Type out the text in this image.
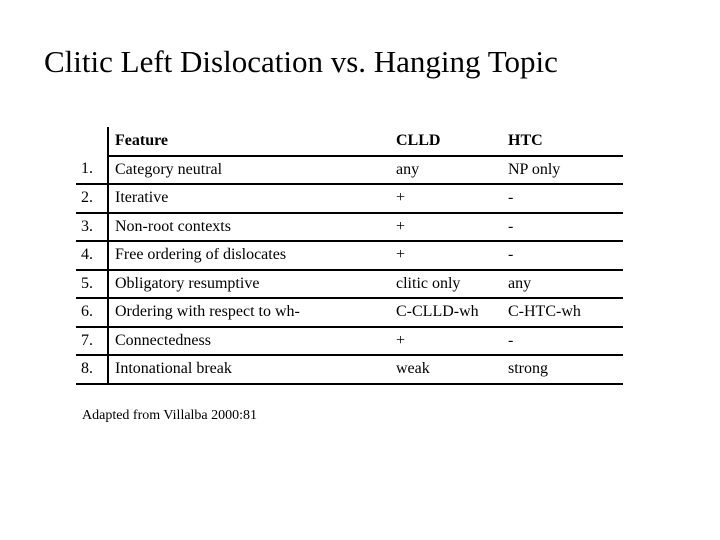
Clitic Left Dislocation vs. Hanging Topic
	Feature	CLLD	HTC
1.	Category neutral	any	NP only
2.	Iterative	+	-
3.	Non-root contexts	+	-
4.	Free ordering of dislocates	+	-
5.	Obligatory resumptive	clitic only	any
6.	Ordering with respect to wh-	C-CLLD-wh	C-HTC-wh
7.	Connectedness	+	-
8.	Intonational break	weak	strong

Adapted from Villalba 2000:81
